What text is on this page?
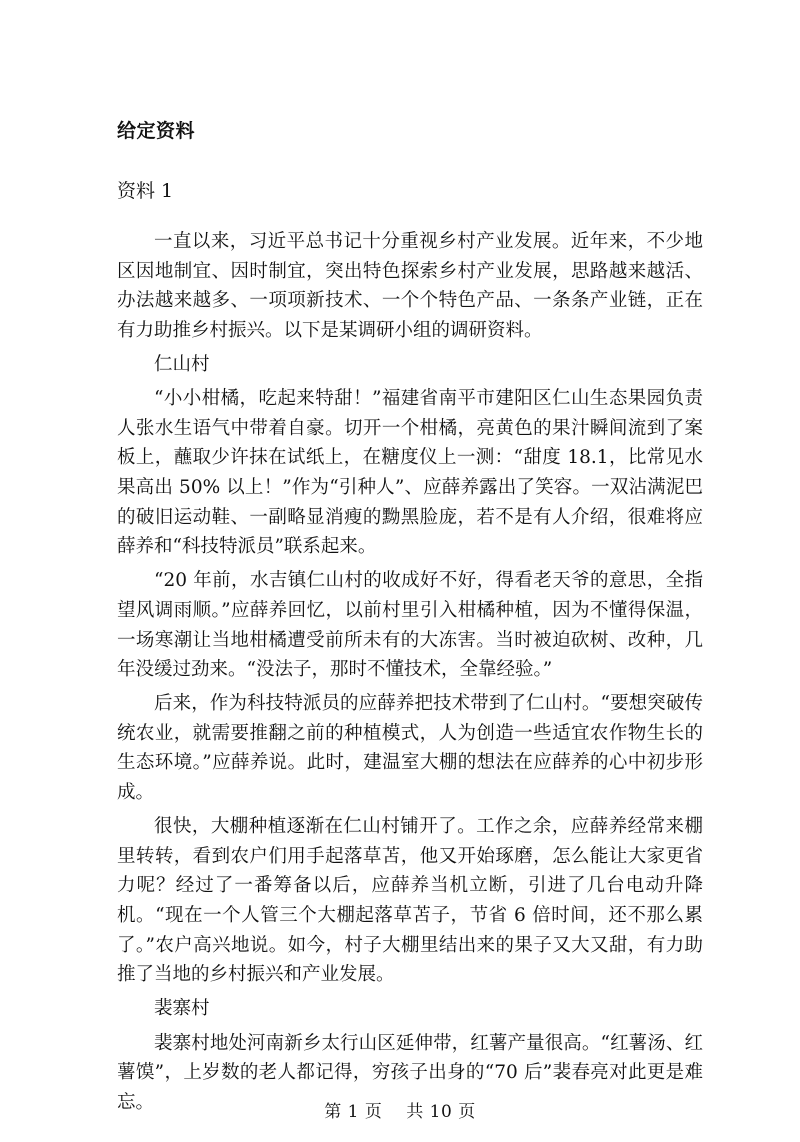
给定资料
资料 1

一直以来，习近平总书记十分重视乡村产业发展。近年来，不少地区因地制宜、因时制宜，突出特色探索乡村产业发展，思路越来越活、办法越来越多、一项项新技术、一个个特色产品、一条条产业链，正在有力助推乡村振兴。以下是某调研小组的调研资料。

仁山村

“小小柑橘，吃起来特甜！”福建省南平市建阳区仁山生态果园负责人张水生语气中带着自豪。切开一个柑橘，亮黄色的果汁瞬间流到了案板上，蘸取少许抹在试纸上，在糖度仪上一测：“甜度 18.1，比常见水果高出 50% 以上！”作为“引种人”、应薛养露出了笑容。一双沾满泥巴的破旧运动鞋、一副略显消瘦的黝黑脸庞，若不是有人介绍，很难将应薛养和“科技特派员”联系起来。

“20 年前，水吉镇仁山村的收成好不好，得看老天爷的意思，全指望风调雨顺。”应薛养回忆，以前村里引入柑橘种植，因为不懂得保温，一场寒潮让当地柑橘遭受前所未有的大冻害。当时被迫砍树、改种，几年没缓过劲来。“没法子，那时不懂技术，全靠经验。”

后来，作为科技特派员的应薛养把技术带到了仁山村。“要想突破传统农业，就需要推翻之前的种植模式，人为创造一些适宜农作物生长的生态环境。”应薛养说。此时，建温室大棚的想法在应薛养的心中初步形成。

很快，大棚种植逐渐在仁山村铺开了。工作之余，应薛养经常来棚里转转，看到农户们用手起落草苫，他又开始琢磨，怎么能让大家更省力呢？经过了一番筹备以后，应薛养当机立断，引进了几台电动升降机。“现在一个人管三个大棚起落草苫子，节省 6 倍时间，还不那么累了。”农户高兴地说。如今，村子大棚里结出来的果子又大又甜，有力助推了当地的乡村振兴和产业发展。

裴寨村

裴寨村地处河南新乡太行山区延伸带，红薯产量很高。“红薯汤、红薯馍”，上岁数的老人都记得，穷孩子出身的“70 后”裴春亮对此更是难忘。	第 1 页 共 10 页
